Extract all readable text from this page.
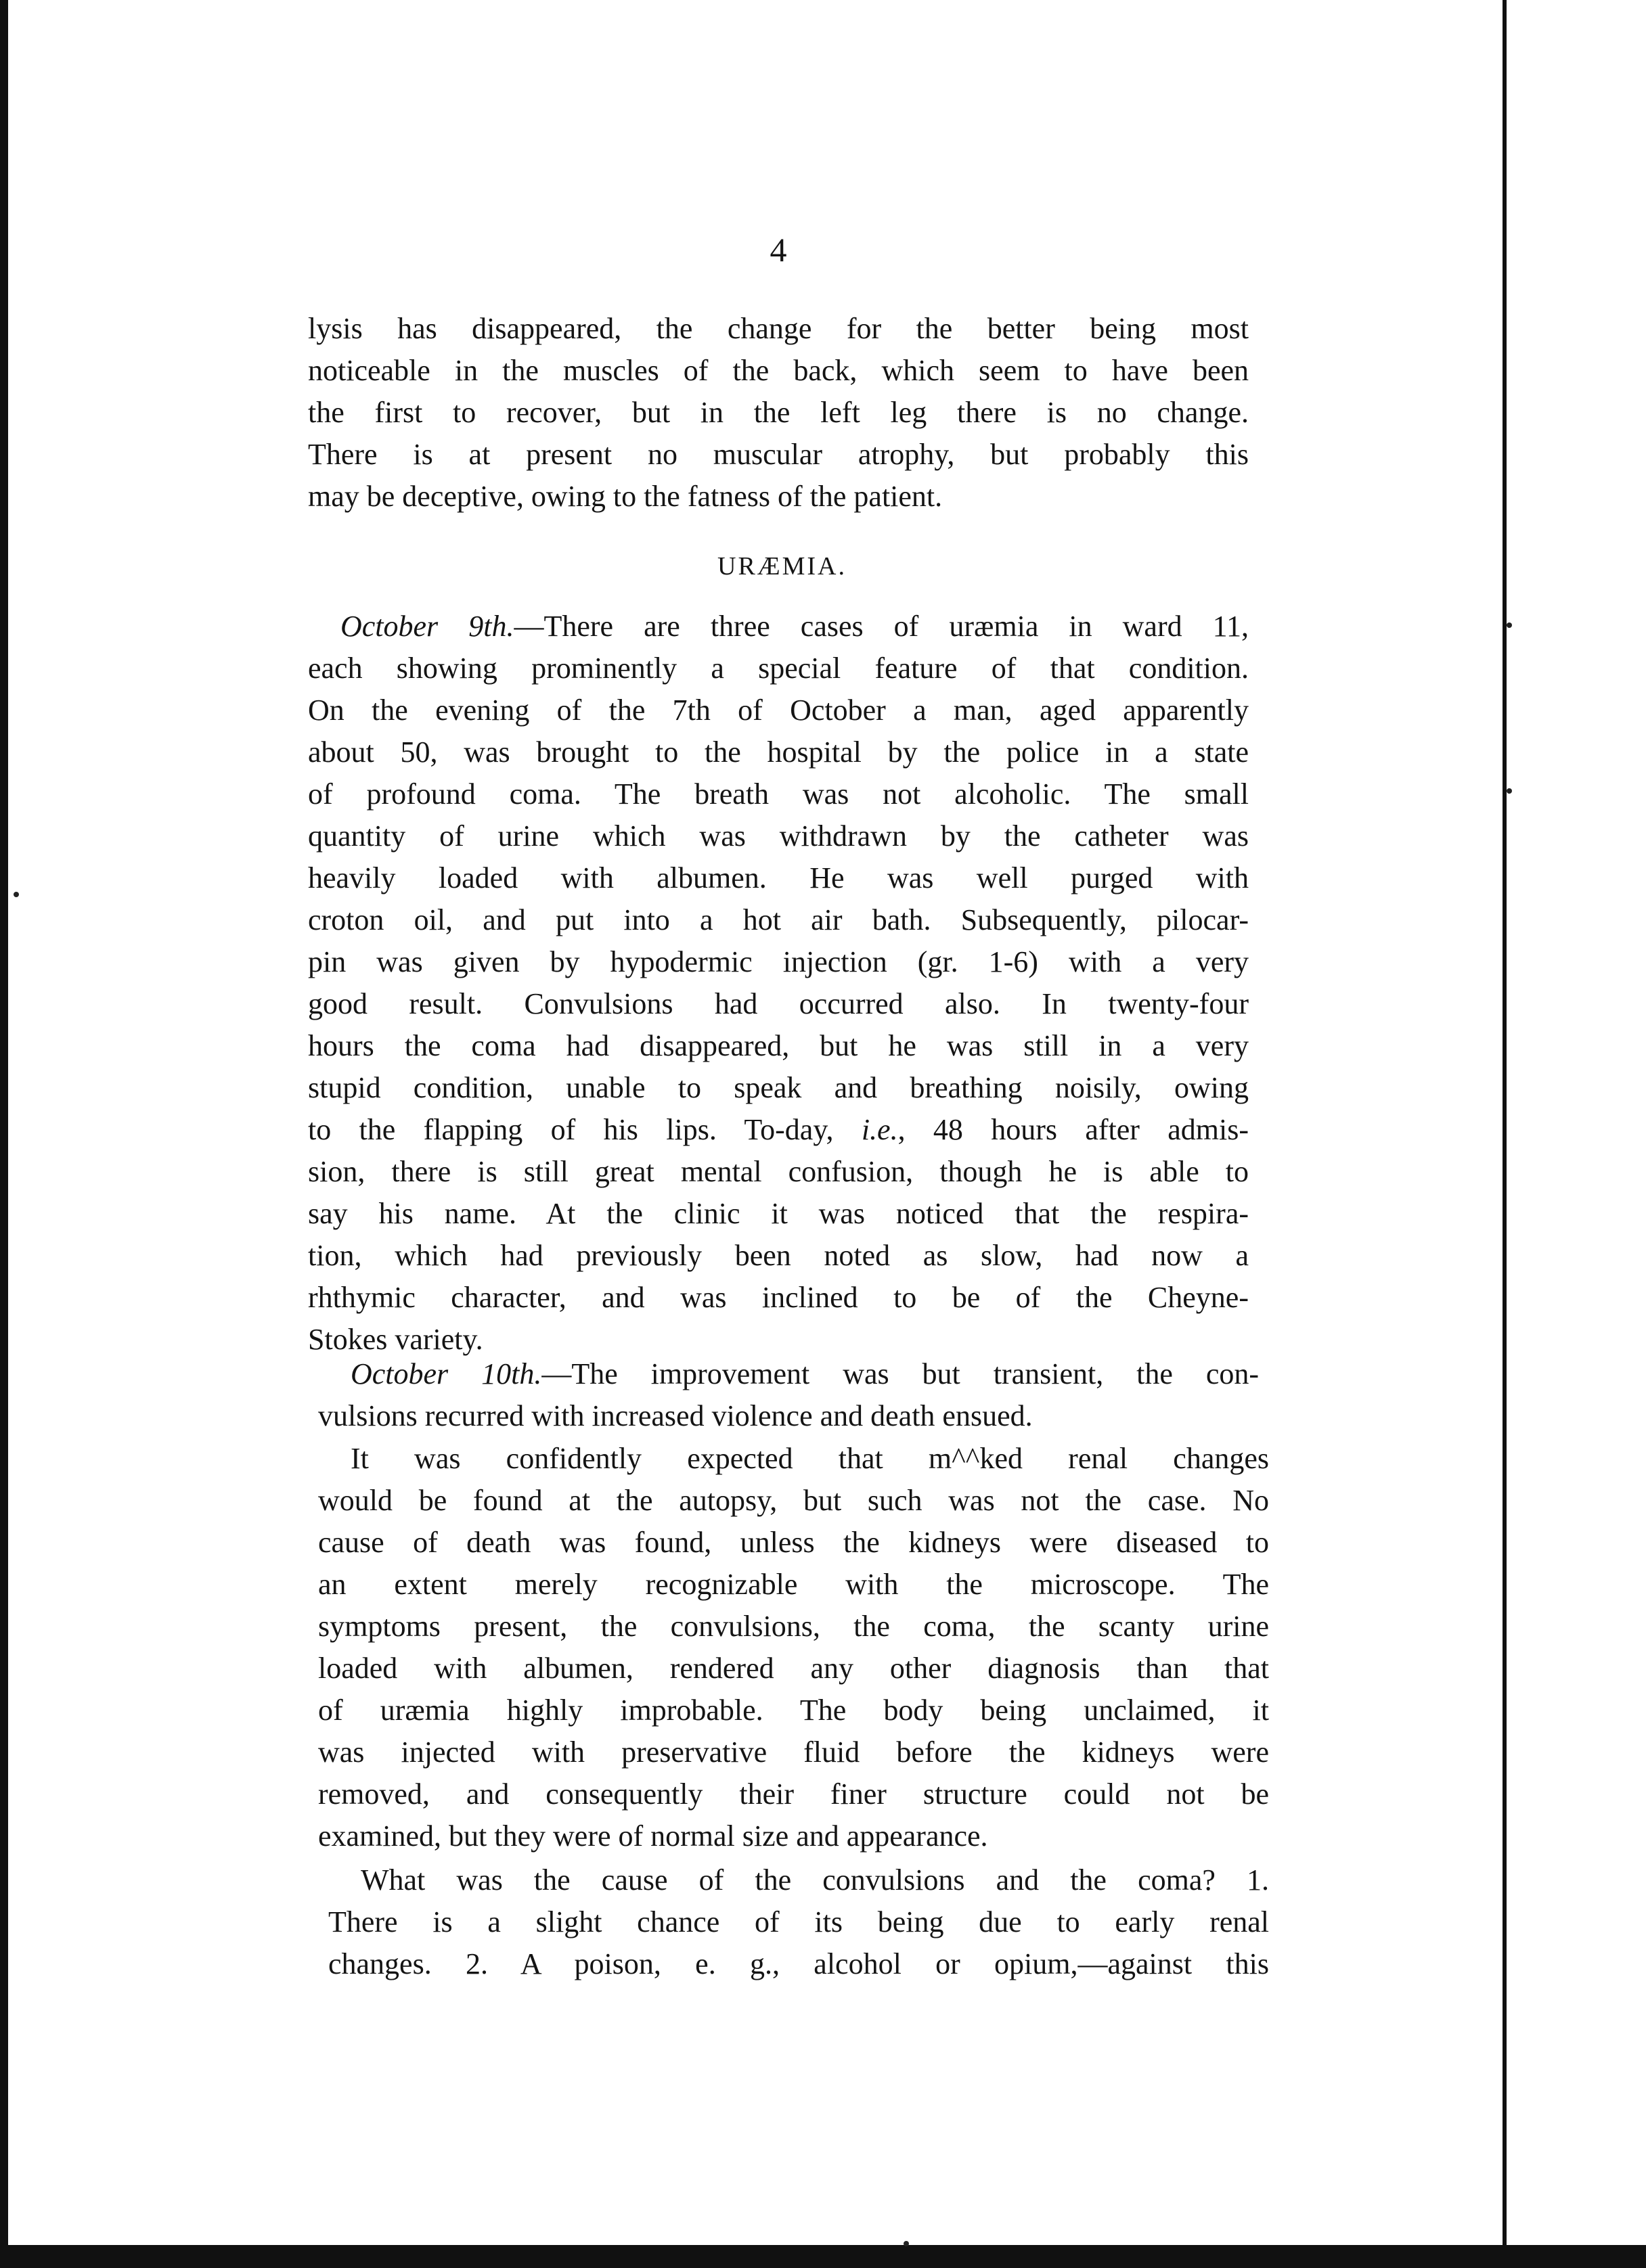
4
lysis has disappeared, the change for the better being most
noticeable in the muscles of the back, which seem to have been
the first to recover, but in the left leg there is no change.
There is at present no muscular atrophy, but probably this
may be deceptive, owing to the fatness of the patient.
URÆMIA.
October 9th.—There are three cases of uræmia in ward 11,
each showing prominently a special feature of that condition.
On the evening of the 7th of October a man, aged apparently
about 50, was brought to the hospital by the police in a state
of profound coma. The breath was not alcoholic. The small
quantity of urine which was withdrawn by the catheter was
heavily loaded with albumen. He was well purged with
croton oil, and put into a hot air bath. Subsequently, pilocar-
pin was given by hypodermic injection (gr. 1-6) with a very
good result. Convulsions had occurred also. In twenty-four
hours the coma had disappeared, but he was still in a very
stupid condition, unable to speak and breathing noisily, owing
to the flapping of his lips. To-day, i.e., 48 hours after admis-
sion, there is still great mental confusion, though he is able to
say his name. At the clinic it was noticed that the respira-
tion, which had previously been noted as slow, had now a
rhthymic character, and was inclined to be of the Cheyne-
Stokes variety.
October 10th.—The improvement was but transient, the con-
vulsions recurred with increased violence and death ensued.
It was confidently expected that m^^ked renal changes
would be found at the autopsy, but such was not the case. No
cause of death was found, unless the kidneys were diseased to
an extent merely recognizable with the microscope. The
symptoms present, the convulsions, the coma, the scanty urine
loaded with albumen, rendered any other diagnosis than that
of uræmia highly improbable. The body being unclaimed, it
was injected with preservative fluid before the kidneys were
removed, and consequently their finer structure could not be
examined, but they were of normal size and appearance.
What was the cause of the convulsions and the coma? 1.
There is a slight chance of its being due to early renal
changes. 2. A poison, e. g., alcohol or opium,—against this
